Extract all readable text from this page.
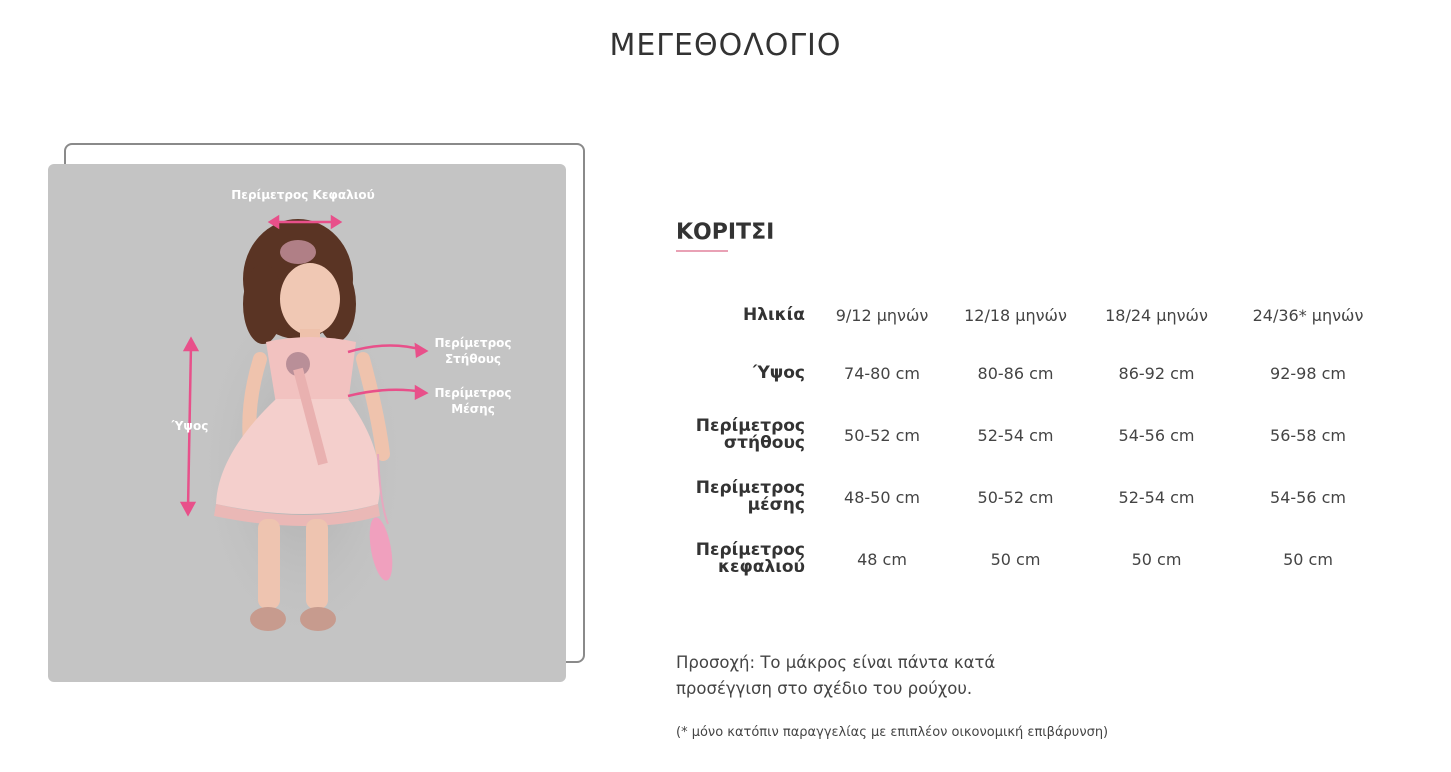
ΜΕΓΕΘΟΛΟΓΙΟ
Περίμετρος Κεφαλιού
Περίμετρος
Στήθους
Περίμετρος
Μέσης
Ύψος
ΚΟΡΙΤΣΙ
Ηλικία	9/12 μηνών	12/18 μηνών	18/24 μηνών	24/36* μηνών
Ύψος	74-80 cm	80-86 cm	86-92 cm	92-98 cm

Περίμετρος
στήθους	50-52 cm	52-54 cm	54-56 cm	56-58 cm

Περίμετρος
μέσης	48-50 cm	50-52 cm	52-54 cm	54-56 cm

Περίμετρος
κεφαλιού	48 cm	50 cm	50 cm	50 cm
Προσοχή: Το μάκρος είναι πάντα κατά προσέγγιση στο σχέδιο του ρούχου.
(* μόνο κατόπιν παραγγελίας με επιπλέον οικονομική επιβάρυνση)
